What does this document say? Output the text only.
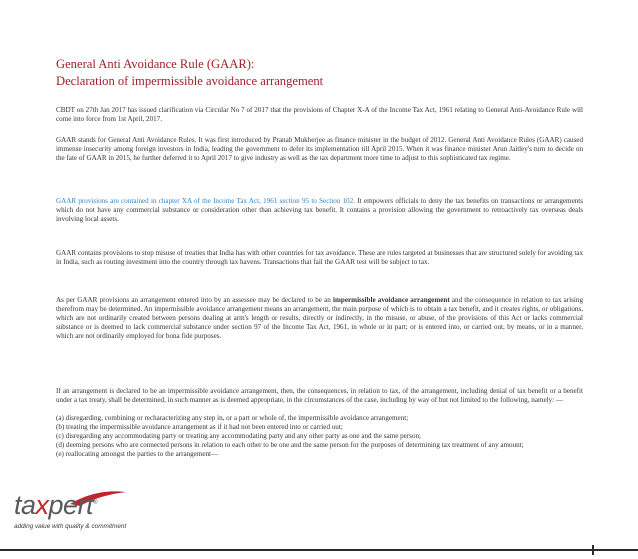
General Anti Avoidance Rule (GAAR):
Declaration of impermissible avoidance arrangement

CBDT on 27th Jan 2017 has issued clarification via Circular No 7 of 2017 that the provisions of Chapter X-A of the Income Tax Act, 1961 relating to General Anti-Avoidance Rule will come into force from 1st April, 2017.

GAAR stands for General Anti Avoidance Rules. It was first introduced by Pranab Mukherjee as finance minister in the budget of 2012. General Anti Avoidance Rules (GAAR) caused immense insecurity among foreign investors in India, leading the government to defer its implementation till April 2015. When it was finance minister Arun Jaitley's turn to decide on the fate of GAAR in 2015, he further deferred it to April 2017 to give industry as well as the tax department more time to adjust to this sophisticated tax regime.

GAAR provisions are contained in chapter XA of the Income Tax Act, 1961 section 95 to Section 102. It empowers officials to deny the tax benefits on transactions or arrangements which do not have any commercial substance or consideration other than achieving tax benefit. It contains a provision allowing the government to retroactively tax overseas deals involving local assets.

GAAR contains provisions to stop misuse of treaties that India has with other countries for tax avoidance. These are rules targeted at businesses that are structured solely for avoiding tax in India, such as routing investment into the country through tax havens. Transactions that fail the GAAR test will be subject to tax.

As per GAAR provisions an arrangement entered into by an assessee may be declared to be an impermissible avoidance arrangement and the consequence in relation to tax arising therefrom may be determined. An impermissible avoidance arrangement means an arrangement, the main purpose of which is to obtain a tax benefit, and it creates rights, or obligations, which are not ordinarily created between persons dealing at arm's length or results, directly or indirectly, in the misuse, or abuse, of the provisions of this Act or lacks commercial substance or is deemed to lack commercial substance under section 97 of the Income Tax Act, 1961, in whole or in part; or is entered into, or carried out, by means, or in a manner, which are not ordinarily employed for bona fide purposes.

If an arrangement is declared to be an impermissible avoidance arrangement, then, the consequences, in relation to tax, of the arrangement, including denial of tax benefit or a benefit under a tax treaty, shall be determined, in such manner as is deemed appropriate, in the circumstances of the case, including by way of but not limited to the following, namely: —

(a) disregarding, combining or recharacterizing any step in, or a part or whole of, the impermissible avoidance arrangement;
(b) treating the impermissible avoidance arrangement as if it had not been entered into or carried out;
(c) disregarding any accommodating party or treating any accommodating party and any other party as one and the same person;
(d) deeming persons who are connected persons in relation to each other to be one and the same person for the purposes of determining tax treatment of any amount;
(e) reallocating amongst the parties to the arrangement—
taxpert®
adding value with quality & commitment
